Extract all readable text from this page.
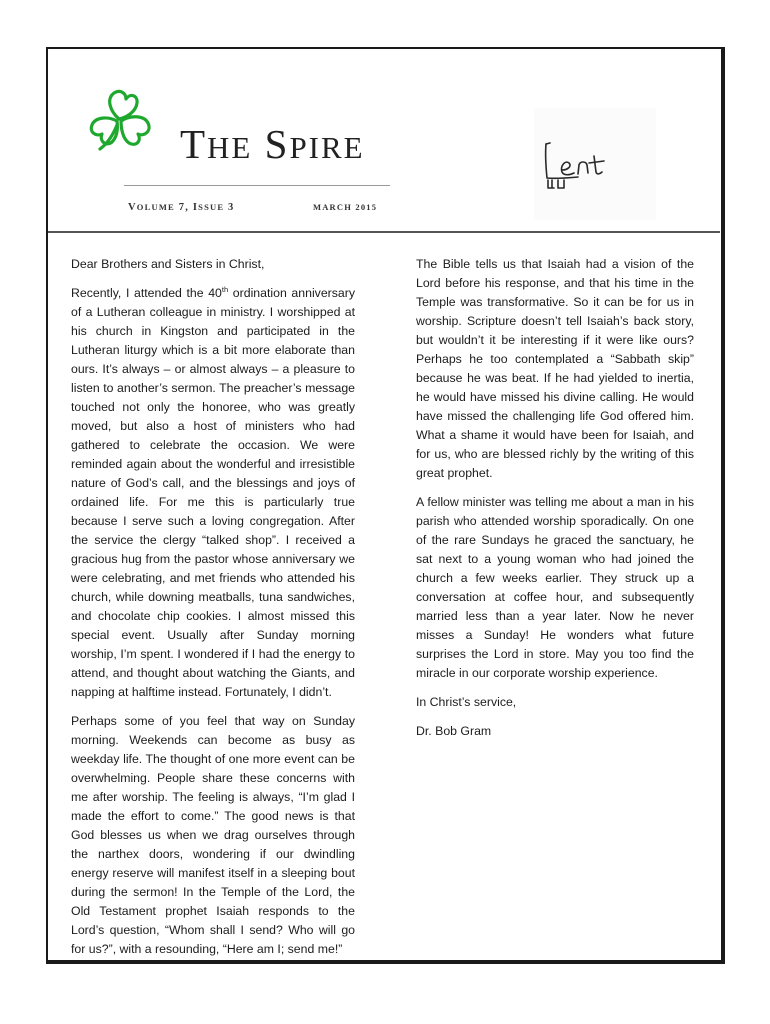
THE SPIRE
VOLUME 7, ISSUE 3	MARCH 2015

Dear Brothers and Sisters in Christ,

Recently, I attended the 40th ordination anniversary of a Lutheran colleague in ministry. I worshipped at his church in Kingston and participated in the Lutheran liturgy which is a bit more elaborate than ours. It’s always – or almost always – a pleasure to listen to another’s sermon. The preacher’s message touched not only the honoree, who was greatly moved, but also a host of ministers who had gathered to celebrate the occasion. We were reminded again about the wonderful and irresistible nature of God’s call, and the blessings and joys of ordained life. For me this is particularly true because I serve such a loving congregation. After the service the clergy “talked shop”. I received a gracious hug from the pastor whose anniversary we were celebrating, and met friends who attended his church, while downing meatballs, tuna sandwiches, and chocolate chip cookies. I almost missed this special event. Usually after Sunday morning worship, I’m spent. I wondered if I had the energy to attend, and thought about watching the Giants, and napping at halftime instead. Fortunately, I didn’t.

Perhaps some of you feel that way on Sunday morning. Weekends can become as busy as weekday life. The thought of one more event can be overwhelming. People share these concerns with me after worship. The feeling is always, “I’m glad I made the effort to come.” The good news is that God blesses us when we drag ourselves through the narthex doors, wondering if our dwindling energy reserve will manifest itself in a sleeping bout during the sermon! In the Temple of the Lord, the Old Testament prophet Isaiah responds to the Lord’s question, “Whom shall I send? Who will go for us?”, with a resounding, “Here am I; send me!”

The Bible tells us that Isaiah had a vision of the Lord before his response, and that his time in the Temple was transformative. So it can be for us in worship. Scripture doesn’t tell Isaiah’s back story, but wouldn’t it be interesting if it were like ours? Perhaps he too contemplated a “Sabbath skip” because he was beat. If he had yielded to inertia, he would have missed his divine calling. He would have missed the challenging life God offered him. What a shame it would have been for Isaiah, and for us, who are blessed richly by the writing of this great prophet.

A fellow minister was telling me about a man in his parish who attended worship sporadically. On one of the rare Sundays he graced the sanctuary, he sat next to a young woman who had joined the church a few weeks earlier. They struck up a conversation at coffee hour, and subsequently married less than a year later. Now he never misses a Sunday! He wonders what future surprises the Lord in store. May you too find the miracle in our corporate worship experience.

In Christ’s service,

Dr. Bob Gram
